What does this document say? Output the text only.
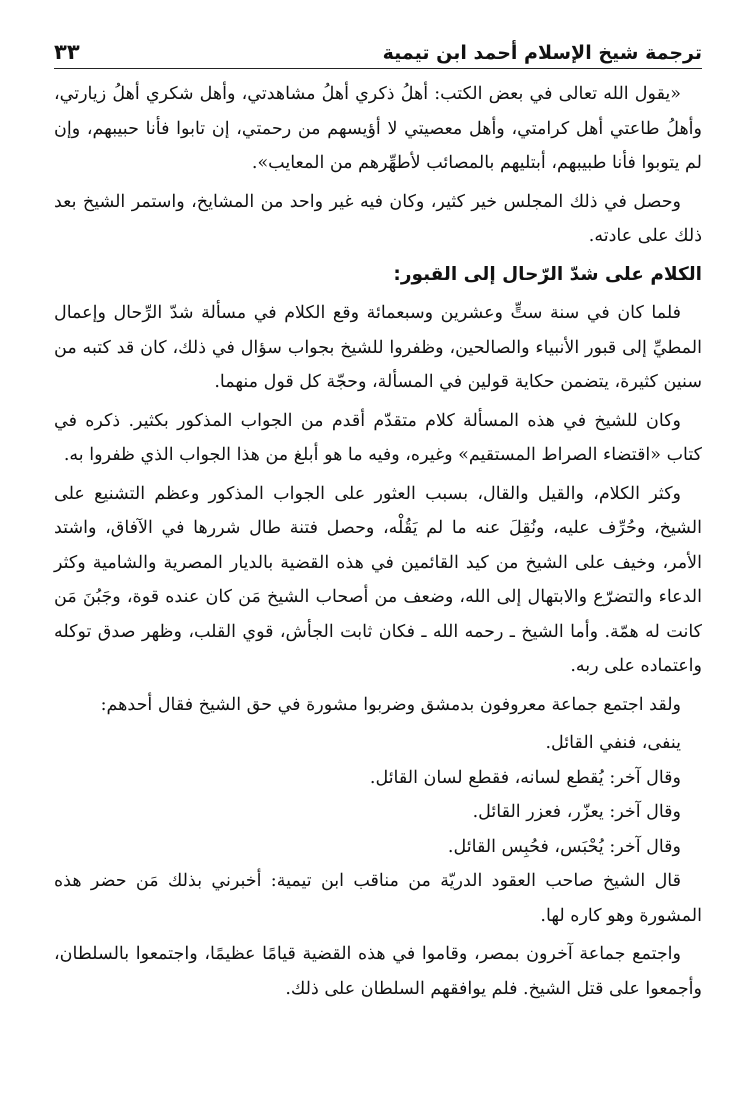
ترجمة شيخ الإسلام أحمد ابن تيمية
٣٣

«يقول الله تعالى في بعض الكتب: أهلُ ذكري أهلُ مشاهدتي، وأهل شكري أهلُ زيارتي، وأهلُ طاعتي أهل كرامتي، وأهل معصيتي لا أؤيسهم من رحمتي، إن تابوا فأنا حبيبهم، وإن لم يتوبوا فأنا طبيبهم، أبتليهم بالمصائب لأطهِّرهم من المعايب».

وحصل في ذلك المجلس خير كثير، وكان فيه غير واحد من المشايخ، واستمر الشيخ بعد ذلك على عادته.

الكلام على شدّ الرّحال إلى القبور:

فلما كان في سنة ستٍّ وعشرين وسبعمائة وقع الكلام في مسألة شدّ الرِّحال وإعمال المطيِّ إلى قبور الأنبياء والصالحين، وظفروا للشيخ بجواب سؤال في ذلك، كان قد كتبه من سنين كثيرة، يتضمن حكاية قولين في المسألة، وحجّة كل قول منهما.

وكان للشيخ في هذه المسألة كلام متقدّم أقدم من الجواب المذكور بكثير. ذكره في كتاب «اقتضاء الصراط المستقيم» وغيره، وفيه ما هو أبلغ من هذا الجواب الذي ظفروا به.

وكثر الكلام، والقيل والقال، بسبب العثور على الجواب المذكور وعظم التشنيع على الشيخ، وحُرِّف عليه، ونُقِلَ عنه ما لم يَقُلْه، وحصل فتنة طال شررها في الآفاق، واشتد الأمر، وخيف على الشيخ من كيد القائمين في هذه القضية بالديار المصرية والشامية وكثر الدعاء والتضرّع والابتهال إلى الله، وضعف من أصحاب الشيخ مَن كان عنده قوة، وجَبُنَ مَن كانت له همّة. وأما الشيخ ـ رحمه الله ـ فكان ثابت الجأش، قوي القلب، وظهر صدق توكله واعتماده على ربه.

ولقد اجتمع جماعة معروفون بدمشق وضربوا مشورة في حق الشيخ فقال أحدهم:

ينفى، فنفي القائل.

وقال آخر: يُقطع لسانه، فقطع لسان القائل.

وقال آخر: يعزّر، فعزر القائل.

وقال آخر: يُحْبَس، فحُبِس القائل.

قال الشيخ صاحب العقود الدريّة من مناقب ابن تيمية: أخبرني بذلك مَن حضر هذه المشورة وهو كاره لها.

واجتمع جماعة آخرون بمصر، وقاموا في هذه القضية قيامًا عظيمًا، واجتمعوا بالسلطان، وأجمعوا على قتل الشيخ. فلم يوافقهم السلطان على ذلك.
